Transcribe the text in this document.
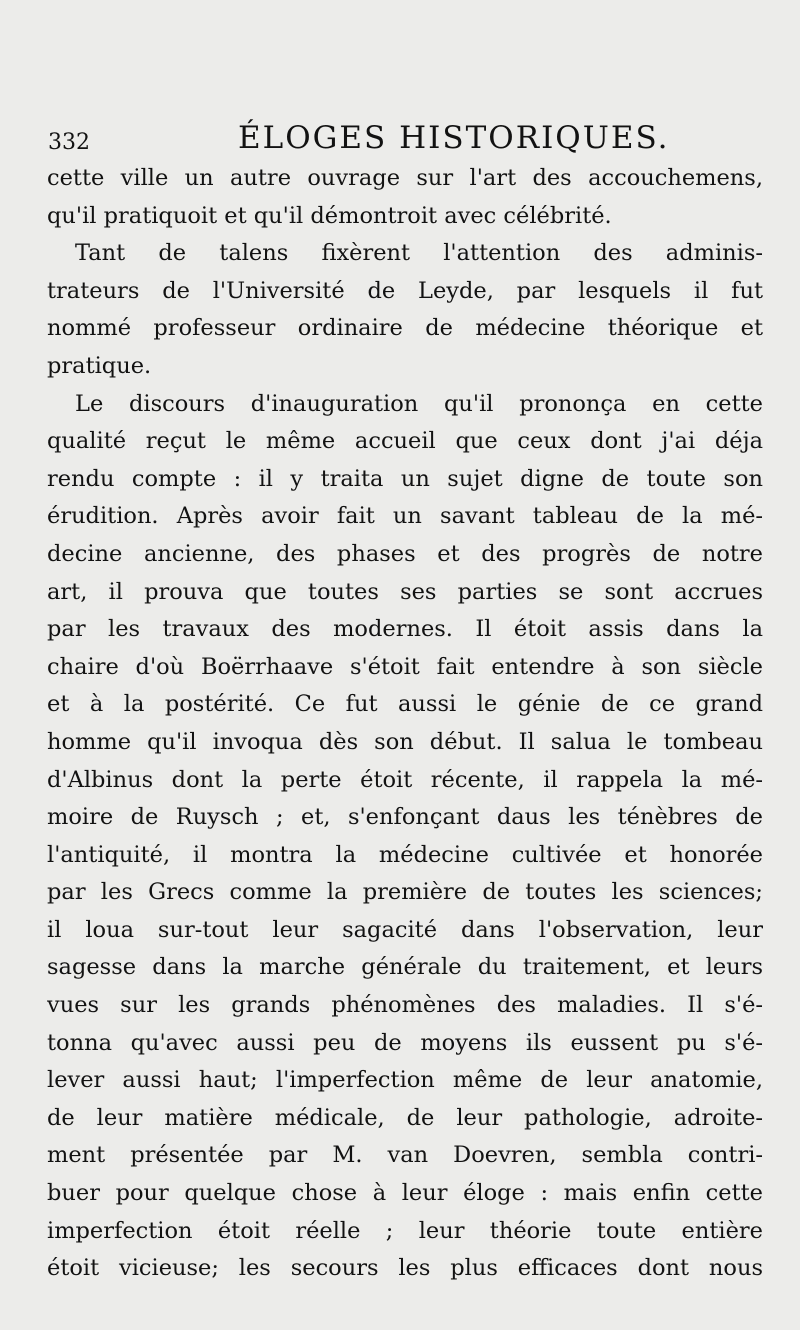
332	ÉLOGES HISTORIQUES.
cette ville un autre ouvrage sur l'art des accouchemens,
qu'il pratiquoit et qu'il démontroit avec célébrité.
Tant de talens fixèrent l'attention des adminis-
trateurs de l'Université de Leyde, par lesquels il fut
nommé professeur ordinaire de médecine théorique et
pratique.
Le discours d'inauguration qu'il prononça en cette
qualité reçut le même accueil que ceux dont j'ai déja
rendu compte : il y traita un sujet digne de toute son
érudition. Après avoir fait un savant tableau de la mé-
decine ancienne, des phases et des progrès de notre
art, il prouva que toutes ses parties se sont accrues
par les travaux des modernes. Il étoit assis dans la
chaire d'où Boërrhaave s'étoit fait entendre à son siècle
et à la postérité. Ce fut aussi le génie de ce grand
homme qu'il invoqua dès son début. Il salua le tombeau
d'Albinus dont la perte étoit récente, il rappela la mé-
moire de Ruysch ; et, s'enfonçant daus les ténèbres de
l'antiquité, il montra la médecine cultivée et honorée
par les Grecs comme la première de toutes les sciences;
il loua sur-tout leur sagacité dans l'observation, leur
sagesse dans la marche générale du traitement, et leurs
vues sur les grands phénomènes des maladies. Il s'é-
tonna qu'avec aussi peu de moyens ils eussent pu s'é-
lever aussi haut; l'imperfection même de leur anatomie,
de leur matière médicale, de leur pathologie, adroite-
ment présentée par M. van Doevren, sembla contri-
buer pour quelque chose à leur éloge : mais enfin cette
imperfection étoit réelle ; leur théorie toute entière
étoit vicieuse; les secours les plus efficaces dont nous
